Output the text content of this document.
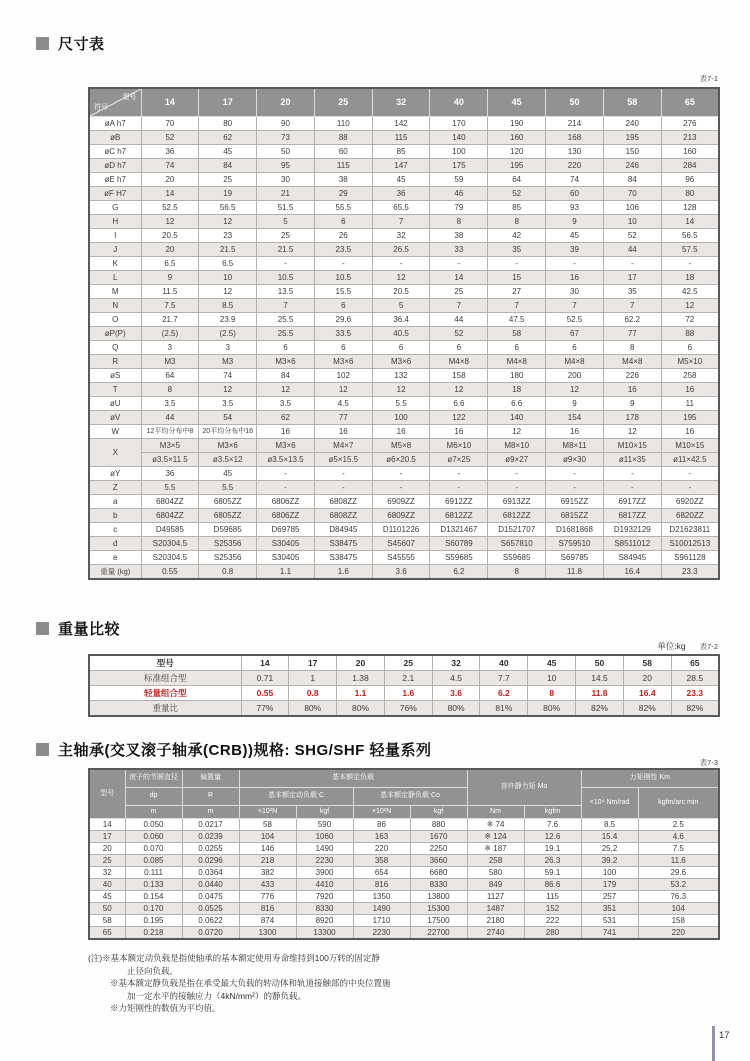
尺寸表
表7-1
型号
符号	14	17	20	25	32	40	45	50	58	65
øA h7	70	80	90	110	142	170	190	214	240	276
øB	52	62	73	88	115	140	160	168	195	213
øC h7	36	45	50	60	85	100	120	130	150	160
øD h7	74	84	95	115	147	175	195	220	246	284
øE h7	20	25	30	38	45	59	64	74	84	96
øF H7	14	19	21	29	36	46	52	60	70	80
G	52.5	56.5	51.5	55.5	65.5	79	85	93	106	128
H	12	12	5	6	7	8	8	9	10	14
I	20.5	23	25	26	32	38	42	45	52	56.5
J	20	21.5	21.5	23.5	26.5	33	35	39	44	57.5
K	6.5	6.5	-	-	-	-	-	-	-	-
L	9	10	10.5	10.5	12	14	15	16	17	18
M	11.5	12	13.5	15.5	20.5	25	27	30	35	42.5
N	7.5	8.5	7	6	5	7	7	7	7	12
O	21.7	23.9	25.5	29.6	36.4	44	47.5	52.5	62.2	72
øP(P)	(2.5)	(2.5)	25.5	33.5	40.5	52	58	67	77	88
Q	3	3	6	6	6	6	6	6	8	6
R	M3	M3	M3×6	M3×6	M3×6	M4×8	M4×8	M4×8	M4×8	M5×10
øS	64	74	84	102	132	158	180	200	226	258
T	8	12	12	12	12	12	18	12	16	16
øU	3.5	3.5	3.5	4.5	5.5	6.6	6.6	9	9	11
øV	44	54	62	77	100	122	140	154	178	195
W	12平均分布中8	20平均分布中16	16	16	16	16	12	16	12	16
X	M3×5	M3×6	M3×6	M4×7	M5×8	M6×10	M8×10	M8×11	M10×15	M10×15
	ø3.5×11.5	ø3.5×12	ø3.5×13.5	ø5×15.5	ø6×20.5	ø7×25	ø9×27	ø9×30	ø11×35	ø11×42.5
øY	36	45	-	-	-	-	-	-	-	-
Z	5.5	5.5	-	-	-	-	-	-	-	-
a	6804ZZ	6805ZZ	6806ZZ	6808ZZ	6909ZZ	6912ZZ	6913ZZ	6915ZZ	6917ZZ	6920ZZ
b	6804ZZ	6805ZZ	6806ZZ	6808ZZ	6809ZZ	6812ZZ	6812ZZ	6815ZZ	6817ZZ	6820ZZ
c	D49585	D59685	D69785	D84945	D1101226	D1321467	D1521707	D1681868	D1932129	D21623811
d	S20304.5	S25356	S30405	S38475	S45607	S60789	S657810	S759510	S8511012	S10012513
e	S20304.5	S25356	S30405	S38475	S45555	S59685	S59685	S69785	S84945	S961128
重量 (kg)	0.55	0.8	1.1	1.6	3.6	6.2	8	11.8	16.4	23.3
重量比较
单位:kg 表7-2
型号	14	17	20	25	32	40	45	50	58	65
标准组合型	0.71	1	1.38	2.1	4.5	7.7	10	14.5	20	28.5
轻量组合型	0.55	0.8	1.1	1.6	3.6	6.2	8	11.8	16.4	23.3
重量比	77%	80%	80%	76%	80%	81%	80%	82%	82%	82%
主轴承(交叉滚子轴承(CRB))规格: SHG/SHF 轻量系列
表7-3
型号	滚子的节圆直径	偏置量	基本额定负载				容许静力矩 Mo		力矩刚性 Km	
	dp	R	基本额定动负载 C		基本额定静负载 Co				×10⁴ Nm/rad	kgfm/arc min
	m	m	×10²N	kgf	×10²N	kgf	Nm	kgfm		
14	0.050	0.0217	58	590	86	880	※ 74	7.6	8.5	2.5
17	0.060	0.0239	104	1060	163	1670	※ 124	12.6	15.4	4.6
20	0.070	0.0255	146	1490	220	2250	※ 187	19.1	25.2	7.5
25	0.085	0.0296	218	2230	358	3660	258	26.3	39.2	11.6
32	0.111	0.0364	382	3900	654	6680	580	59.1	100	29.6
40	0.133	0.0440	433	4410	816	8330	849	86.6	179	53.2
45	0.154	0.0475	776	7920	1350	13800	1127	115	257	76.3
50	0.170	0.0525	816	8330	1490	15300	1487	152	351	104
58	0.195	0.0622	874	8920	1710	17500	2180	222	531	158
65	0.218	0.0720	1300	13300	2230	22700	2740	280	741	220
(注)※基本额定动负载是指使轴承的基本额定使用寿命维持到100万转的固定静
止径向负载。
※基本额定静负载是指在承受最大负载的转动体和轨道接触部的中央位置施
加一定水平的接触应力（4kN/mm²）的静负载。
※力矩刚性的数值为平均值。
17
